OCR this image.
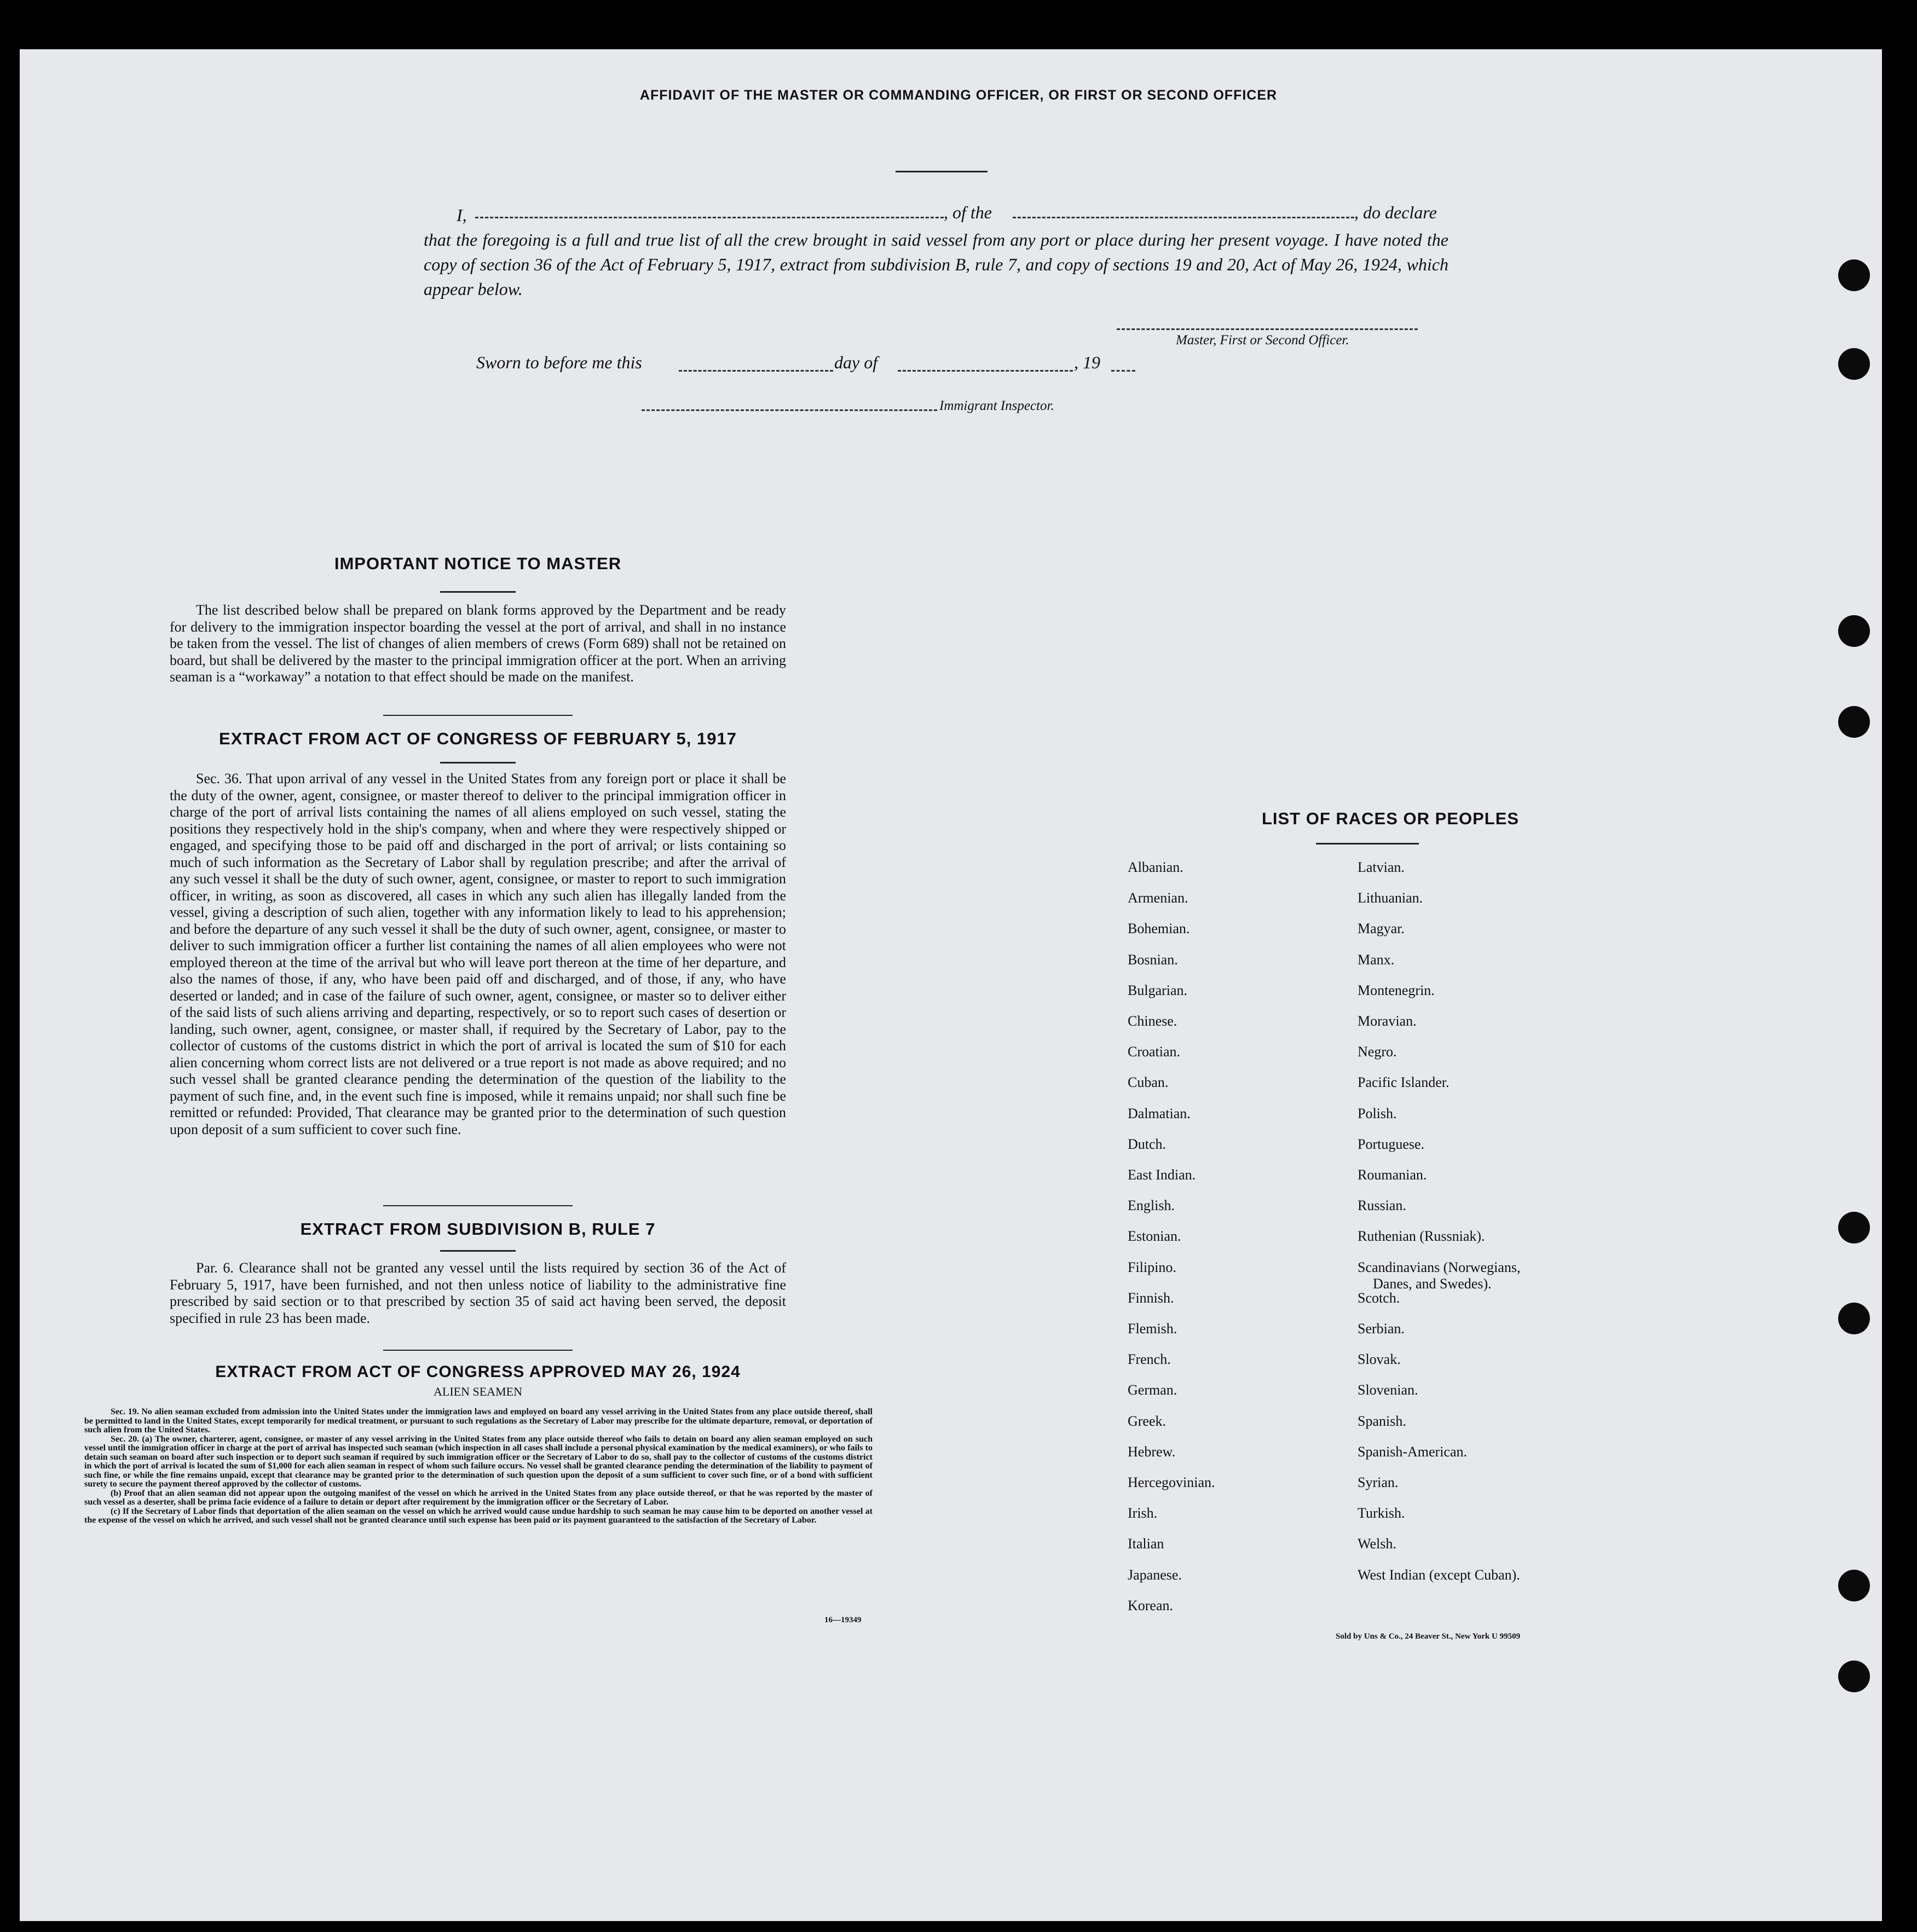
AFFIDAVIT OF THE MASTER OR COMMANDING OFFICER, OR FIRST OR SECOND OFFICER
I,	, of the	, do declare
that the foregoing is a full and true list of all the crew brought in said vessel from any port or place during her present voyage. I have noted the copy of section 36 of the Act of February 5, 1917, extract from subdivision B, rule 7, and copy of sections 19 and 20, Act of May 26, 1924, which appear below.
Master, First or Second Officer.
Sworn to before me this	day of	, 19
Immigrant Inspector.
IMPORTANT NOTICE TO MASTER

The list described below shall be prepared on blank forms approved by the Department and be ready for delivery to the immigration inspector boarding the vessel at the port of arrival, and shall in no instance be taken from the vessel. The list of changes of alien members of crews (Form 689) shall not be retained on board, but shall be delivered by the master to the principal immigration officer at the port. When an arriving seaman is a “workaway” a notation to that effect should be made on the manifest.

EXTRACT FROM ACT OF CONGRESS OF FEBRUARY 5, 1917

Sec. 36. That upon arrival of any vessel in the United States from any foreign port or place it shall be the duty of the owner, agent, consignee, or master thereof to deliver to the principal immigration officer in charge of the port of arrival lists containing the names of all aliens employed on such vessel, stating the positions they respectively hold in the ship's company, when and where they were respectively shipped or engaged, and specifying those to be paid off and discharged in the port of arrival; or lists containing so much of such information as the Secretary of Labor shall by regulation prescribe; and after the arrival of any such vessel it shall be the duty of such owner, agent, consignee, or master to report to such immigration officer, in writing, as soon as discovered, all cases in which any such alien has illegally landed from the vessel, giving a description of such alien, together with any information likely to lead to his apprehension; and before the departure of any such vessel it shall be the duty of such owner, agent, consignee, or master to deliver to such immigration officer a further list containing the names of all alien employees who were not employed thereon at the time of the arrival but who will leave port thereon at the time of her departure, and also the names of those, if any, who have been paid off and discharged, and of those, if any, who have deserted or landed; and in case of the failure of such owner, agent, consignee, or master so to deliver either of the said lists of such aliens arriving and departing, respectively, or so to report such cases of desertion or landing, such owner, agent, consignee, or master shall, if required by the Secretary of Labor, pay to the collector of customs of the customs district in which the port of arrival is located the sum of $10 for each alien concerning whom correct lists are not delivered or a true report is not made as above required; and no such vessel shall be granted clearance pending the determination of the question of the liability to the payment of such fine, and, in the event such fine is imposed, while it remains unpaid; nor shall such fine be remitted or refunded: Provided, That clearance may be granted prior to the determination of such question upon deposit of a sum sufficient to cover such fine.

EXTRACT FROM SUBDIVISION B, RULE 7

Par. 6. Clearance shall not be granted any vessel until the lists required by section 36 of the Act of February 5, 1917, have been furnished, and not then unless notice of liability to the administrative fine prescribed by said section or to that prescribed by section 35 of said act having been served, the deposit specified in rule 23 has been made.

EXTRACT FROM ACT OF CONGRESS APPROVED MAY 26, 1924
ALIEN SEAMEN

Sec. 19. No alien seaman excluded from admission into the United States under the immigration laws and employed on board any vessel arriving in the United States from any place outside thereof, shall be permitted to land in the United States, except temporarily for medical treatment, or pursuant to such regulations as the Secretary of Labor may prescribe for the ultimate departure, removal, or deportation of such alien from the United States.

Sec. 20. (a) The owner, charterer, agent, consignee, or master of any vessel arriving in the United States from any place outside thereof who fails to detain on board any alien seaman employed on such vessel until the immigration officer in charge at the port of arrival has inspected such seaman (which inspection in all cases shall include a personal physical examination by the medical examiners), or who fails to detain such seaman on board after such inspection or to deport such seaman if required by such immigration officer or the Secretary of Labor to do so, shall pay to the collector of customs of the customs district in which the port of arrival is located the sum of $1,000 for each alien seaman in respect of whom such failure occurs. No vessel shall be granted clearance pending the determination of the liability to payment of such fine, or while the fine remains unpaid, except that clearance may be granted prior to the determination of such question upon the deposit of a sum sufficient to cover such fine, or of a bond with sufficient surety to secure the payment thereof approved by the collector of customs.

(b) Proof that an alien seaman did not appear upon the outgoing manifest of the vessel on which he arrived in the United States from any place outside thereof, or that he was reported by the master of such vessel as a deserter, shall be prima facie evidence of a failure to detain or deport after requirement by the immigration officer or the Secretary of Labor.

(c) If the Secretary of Labor finds that deportation of the alien seaman on the vessel on which he arrived would cause undue hardship to such seaman he may cause him to be deported on another vessel at the expense of the vessel on which he arrived, and such vessel shall not be granted clearance until such expense has been paid or its payment guaranteed to the satisfaction of the Secretary of Labor.

16—19349
LIST OF RACES OR PEOPLES
Albanian.
Armenian.
Bohemian.
Bosnian.
Bulgarian.
Chinese.
Croatian.
Cuban.
Dalmatian.
Dutch.
East Indian.
English.
Estonian.
Filipino.
Finnish.
Flemish.
French.
German.
Greek.
Hebrew.
Hercegovinian.
Irish.
Italian
Japanese.
Korean.
Latvian.
Lithuanian.
Magyar.
Manx.
Montenegrin.
Moravian.
Negro.
Pacific Islander.
Polish.
Portuguese.
Roumanian.
Russian.
Ruthenian (Russniak).
Scandinavians (Norwegians,
Danes, and Swedes).
Scotch.
Serbian.
Slovak.
Slovenian.
Spanish.
Spanish-American.
Syrian.
Turkish.
Welsh.
West Indian (except Cuban).
Sold by Uns & Co., 24 Beaver St., New York U 99509
